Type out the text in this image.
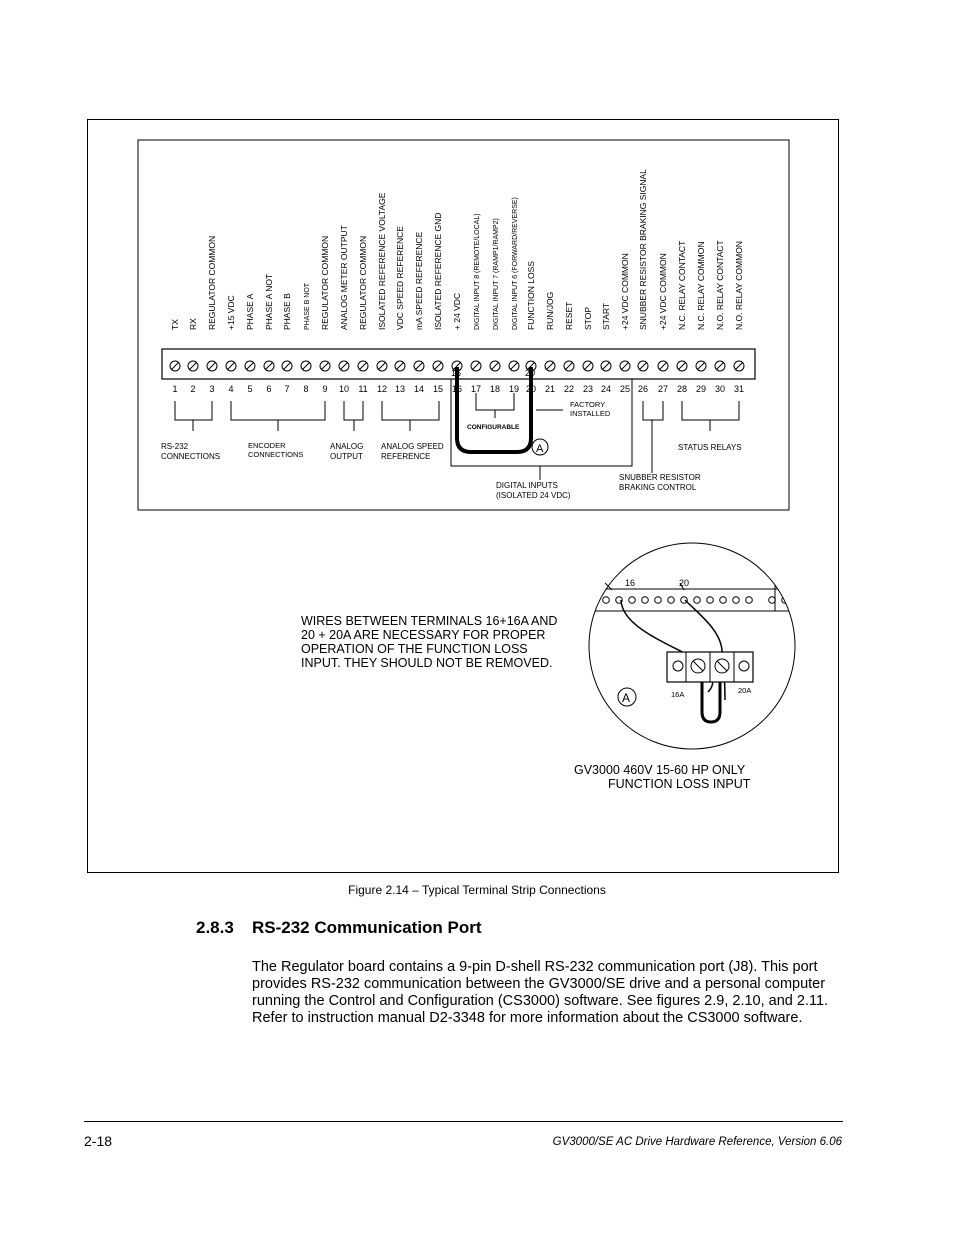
TX RX REGULATOR COMMON +15 VDC PHASE A PHASE A NOT PHASE B PHASE B NOT REGULATOR COMMON ANALOG METER OUTPUT REGULATOR COMMON ISOLATED REFERENCE VOLTAGE VDC SPEED REFERENCE mA SPEED REFERENCE ISOLATED REFERENCE GND + 24 VDC DIGITAL INPUT 8 (REMOTE/LOCAL) DIGITAL INPUT 7 (RAMP1/RAMP2) DIGITAL INPUT 6 (FORWARD/REVERSE) FUNCTION LOSS RUN/JOG RESET STOP START +24 VDC COMMON SNUBBER RESISTOR BRAKING SIGNAL +24 VDC COMMON N.C. RELAY CONTACT N.C. RELAY COMMON N.O. RELAY CONTACT N.O. RELAY COMMON
1 2 3 4 5 6 7 8 9 10 11 12 13 14 15 16 17 18 19 20 21 22 23 24 25 26 27 28 29 30 31
16	20
CONFIGURABLE
A
FACTORY
INSTALLED
RS-232
CONNECTIONS
ENCODER
CONNECTIONS
ANALOG
OUTPUT
ANALOG SPEED
REFERENCE
STATUS RELAYS
SNUBBER RESISTOR
BRAKING CONTROL
DIGITAL INPUTS
(ISOLATED 24 VDC)
WIRES BETWEEN TERMINALS 16+16A AND
20 + 20A ARE NECESSARY FOR PROPER
OPERATION OF THE FUNCTION LOSS
INPUT. THEY SHOULD NOT BE REMOVED.
16	20
16A	20A
A
GV3000 460V 15-60 HP ONLY
FUNCTION LOSS INPUT
Figure 2.14 – Typical Terminal Strip Connections
2.8.3 RS-232 Communication Port
The Regulator board contains a 9-pin D-shell RS-232 communication port (J8). This port provides RS-232 communication between the GV3000/SE drive and a personal computer running the Control and Configuration (CS3000) software. See figures 2.9, 2.10, and 2.11. Refer to instruction manual D2-3348 for more information about the CS3000 software.
2-18	GV3000/SE AC Drive Hardware Reference, Version 6.06
